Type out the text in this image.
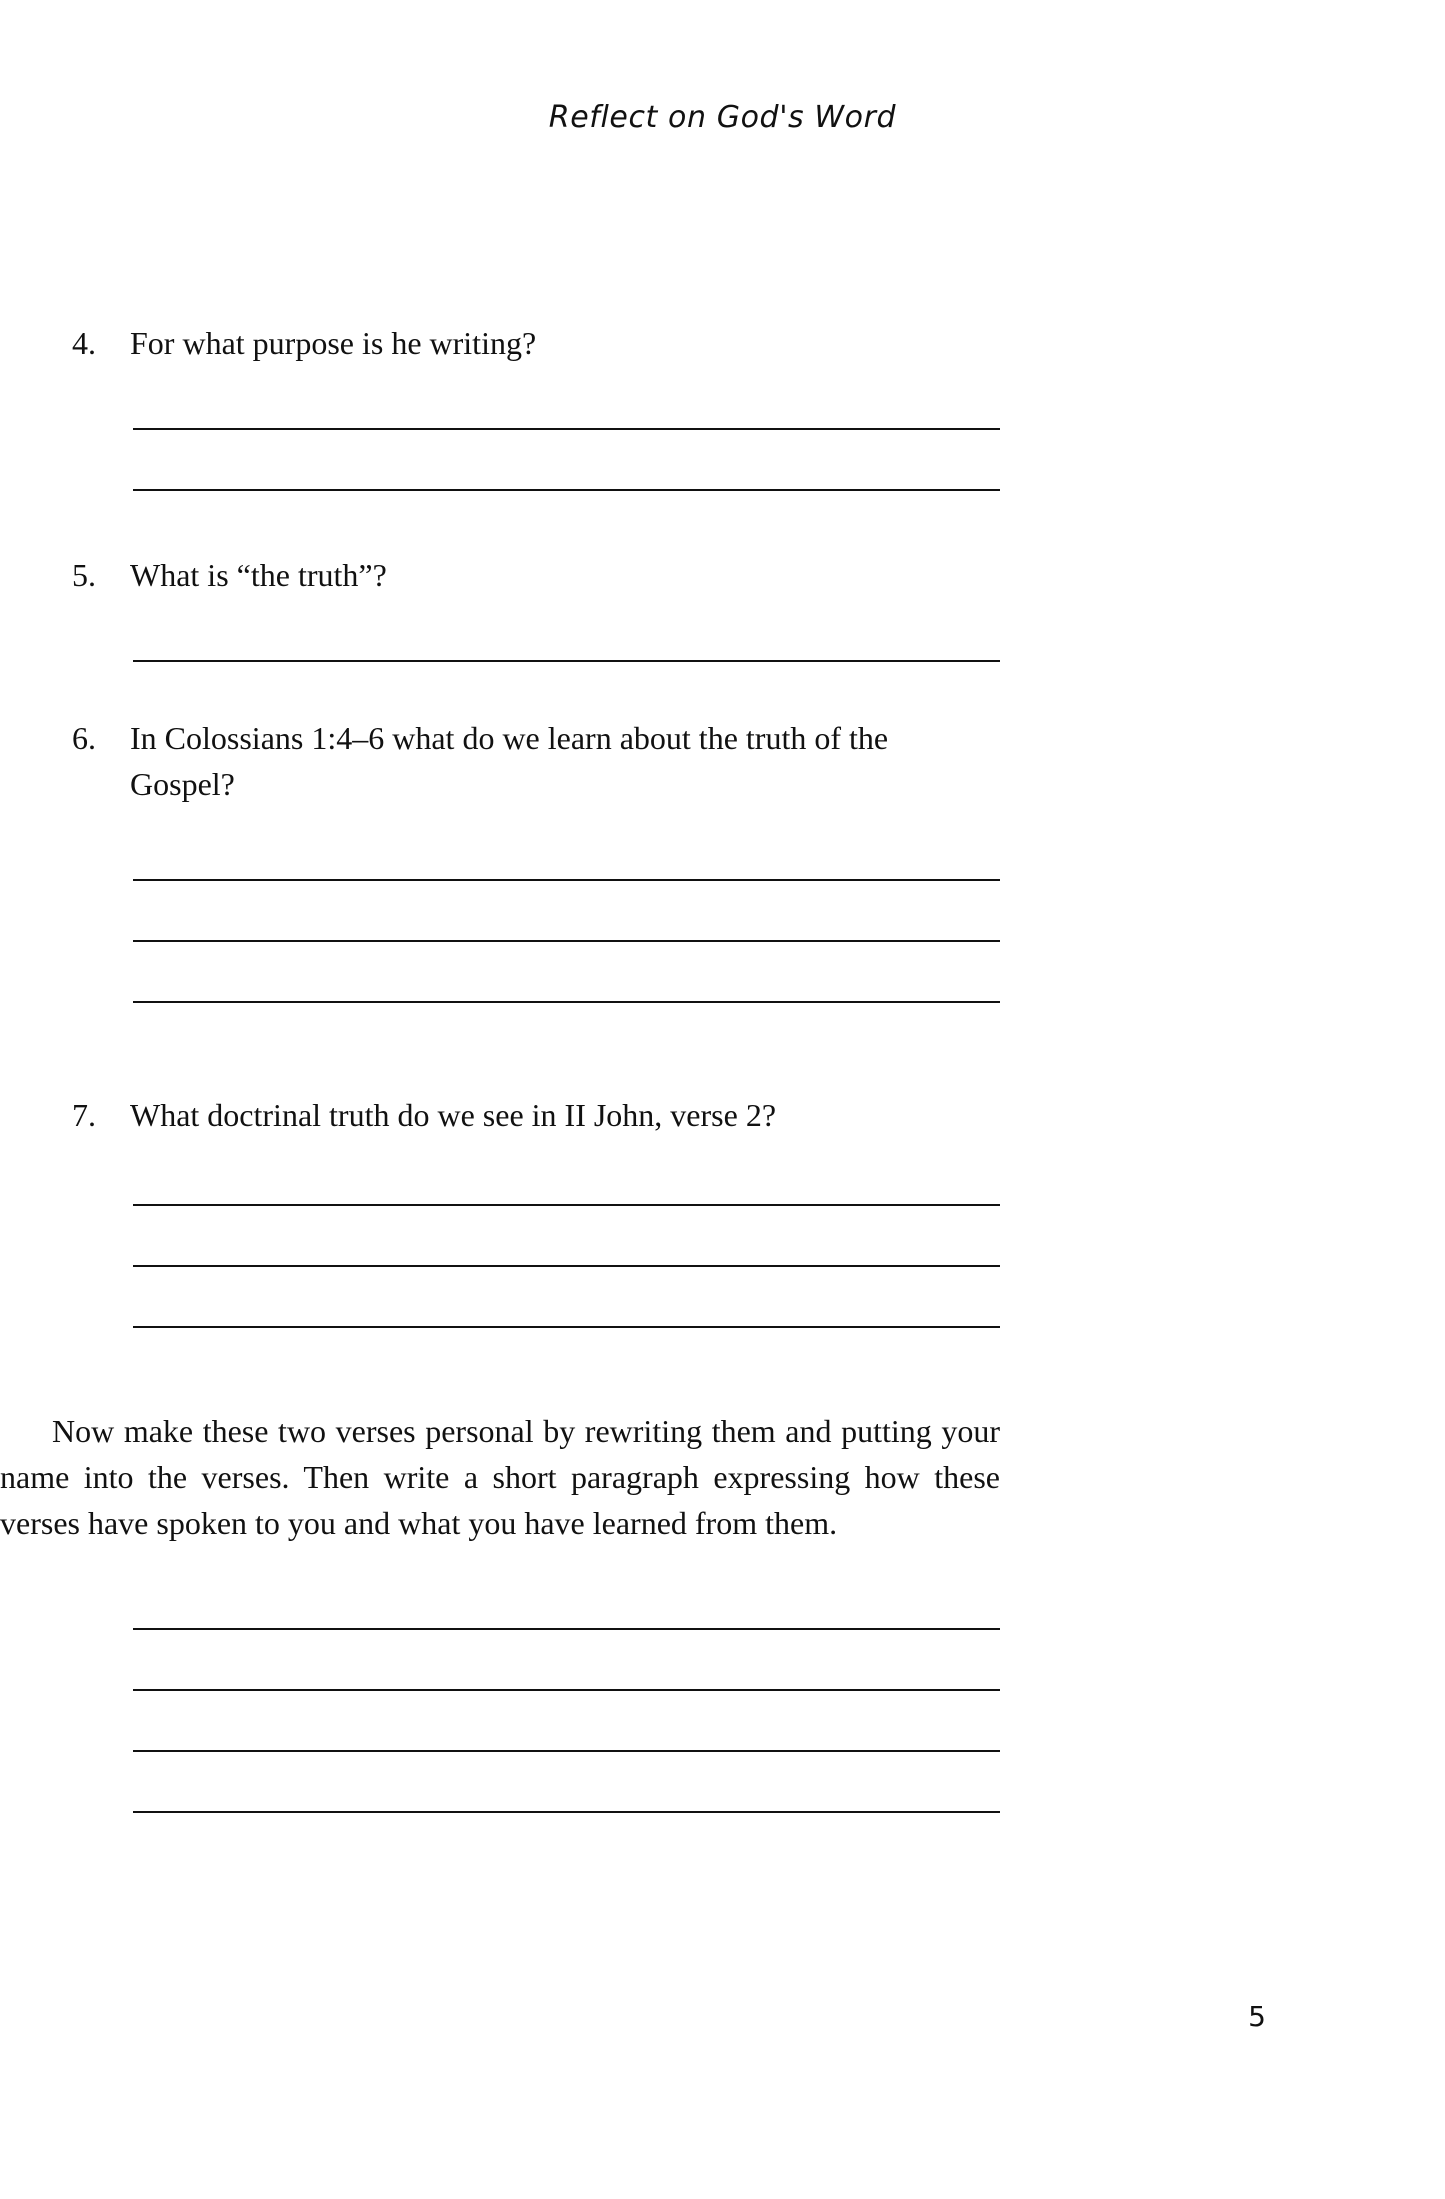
Reflect on God's Word
4.	For what purpose is he writing?
5.	What is “the truth”?
6.	In Colossians 1:4–6 what do we learn about the truth of the Gospel?
7.	What doctrinal truth do we see in II John, verse 2?

Now make these two verses personal by rewriting them and putting your name into the verses. Then write a short paragraph expressing how these verses have spoken to you and what you have learned from them.

5
